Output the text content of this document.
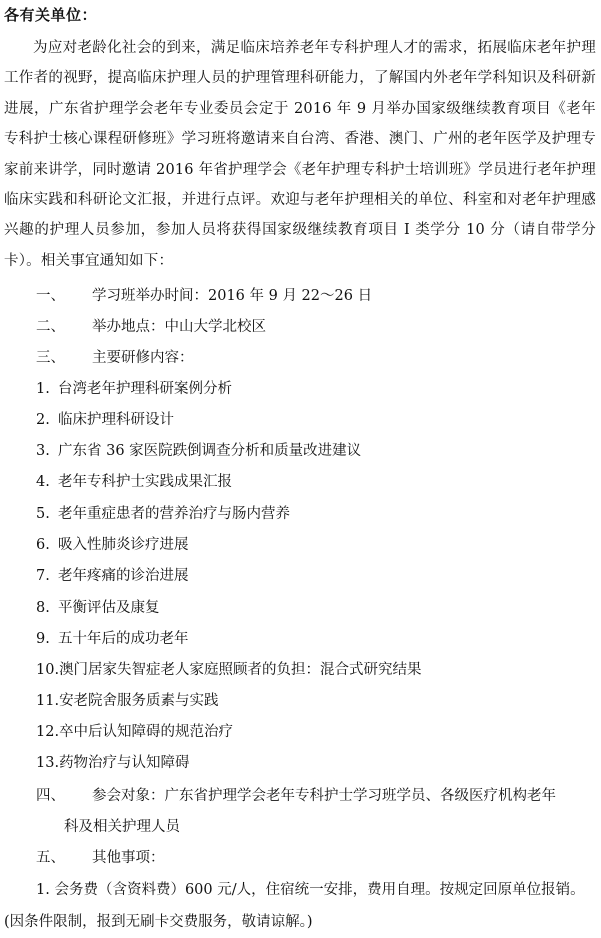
各有关单位：
为应对老龄化社会的到来，满足临床培养老年专科护理人才的需求，拓展临床老年护理工作者的视野，提高临床护理人员的护理管理科研能力，了解国内外老年学科知识及科研新进展，广东省护理学会老年专业委员会定于 2016 年 9 月举办国家级继续教育项目《老年专科护士核心课程研修班》学习班将邀请来自台湾、香港、澳门、广州的老年医学及护理专家前来讲学，同时邀请 2016 年省护理学会《老年护理专科护士培训班》学员进行老年护理临床实践和科研论文汇报，并进行点评。欢迎与老年护理相关的单位、科室和对老年护理感兴趣的护理人员参加，参加人员将获得国家级继续教育项目 I 类学分 10 分（请自带学分卡）。相关事宜通知如下：
一、 学习班举办时间：2016 年 9 月 22～26 日
二、 举办地点：中山大学北校区
三、 主要研修内容：
1. 台湾老年护理科研案例分析
2. 临床护理科研设计
3. 广东省 36 家医院跌倒调查分析和质量改进建议
4. 老年专科护士实践成果汇报
5. 老年重症患者的营养治疗与肠内营养
6. 吸入性肺炎诊疗进展
7. 老年疼痛的诊治进展
8. 平衡评估及康复
9. 五十年后的成功老年
10.澳门居家失智症老人家庭照顾者的负担：混合式研究结果
11.安老院舍服务质素与实践
12.卒中后认知障碍的规范治疗
13.药物治疗与认知障碍
四、 参会对象：广东省护理学会老年专科护士学习班学员、各级医疗机构老年
科及相关护理人员
五、 其他事项：
1. 会务费（含资料费）600 元/人，住宿统一安排，费用自理。按规定回原单位报销。(因条件限制，报到无刷卡交费服务，敬请谅解。)
